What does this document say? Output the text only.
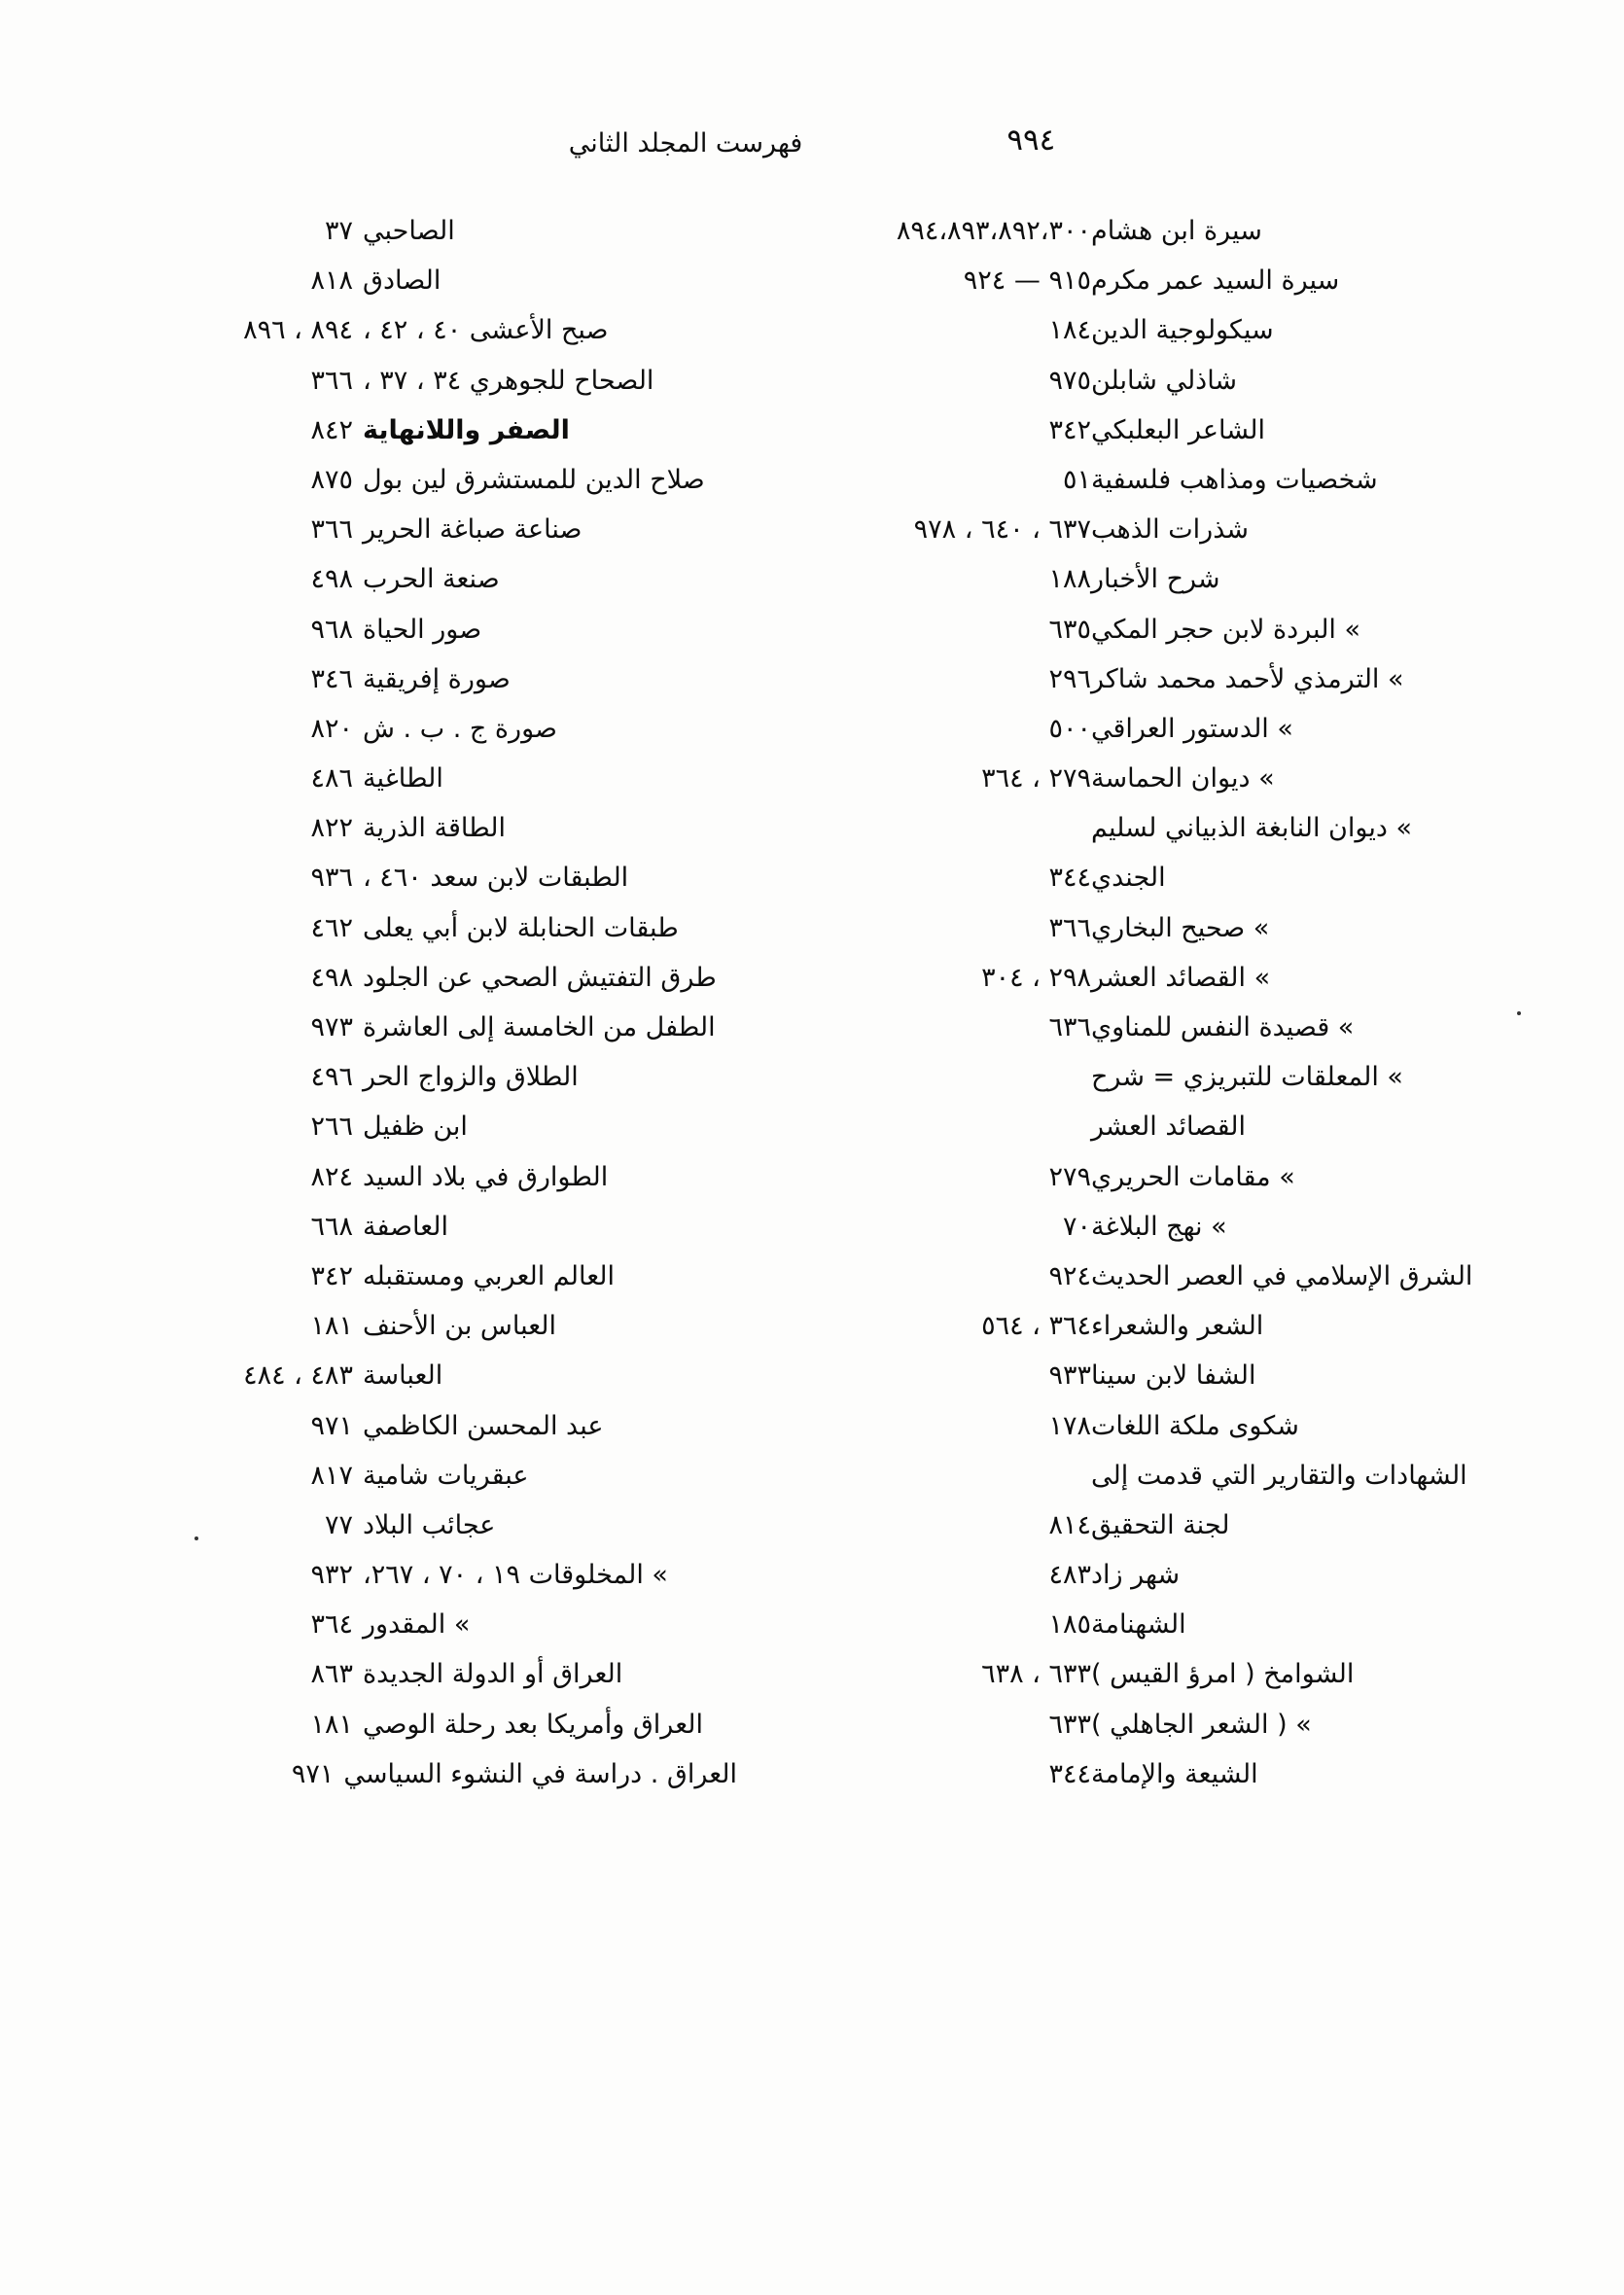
٩٩٤
فهرست المجلد الثاني
سيرة ابن هشام
٨٩٤،٨٩٣،٨٩٢،٣٠٠
سيرة السيد عمر مكرم
٩١٥ — ٩٢٤
سيكولوجية الدين
١٨٤
شاذلي شابلن
٩٧٥
الشاعر البعلبكي
٣٤٢
شخصيات ومذاهب فلسفية
٥١
شذرات الذهب
٦٣٧ ، ٦٤٠ ، ٩٧٨
شرح الأخبار
١٨٨
» البردة لابن حجر المكي
٦٣٥
» الترمذي لأحمد محمد شاكر
٢٩٦
» الدستور العراقي
٥٠٠
» ديوان الحماسة
٢٧٩ ، ٣٦٤
» ديوان النابغة الذبياني لسليم
الجندي
٣٤٤
» صحيح البخاري
٣٦٦
» القصائد العشر
٢٩٨ ، ٣٠٤
» قصيدة النفس للمناوي
٦٣٦
» المعلقات للتبريزي = شرح
القصائد العشر
» مقامات الحريري
٢٧٩
» نهج البلاغة
٧٠
الشرق الإسلامي في العصر الحديث
٩٢٤
الشعر والشعراء
٣٦٤ ، ٥٦٤
الشفا لابن سينا
٩٣٣
شكوى ملكة اللغات
١٧٨
الشهادات والتقارير التي قدمت إلى
لجنة التحقيق
٨١٤
شهر زاد
٤٨٣
الشهنامة
١٨٥
الشوامخ ( امرؤ القيس )
٦٣٣ ، ٦٣٨
» ( الشعر الجاهلي )
٦٣٣
الشيعة والإمامة
٣٤٤
الصاحبي
٣٧
الصادق
٨١٨
صبح الأعشى ٤٠ ، ٤٢ ،
٨٩٤ ، ٨٩٦
الصحاح للجوهري ٣٤ ، ٣٧ ،
٣٦٦
الصفر واللانهاية
٨٤٢
صلاح الدين للمستشرق لين بول
٨٧٥
صناعة صباغة الحرير
٣٦٦
صنعة الحرب
٤٩٨
صور الحياة
٩٦٨
صورة إفريقية
٣٤٦
صورة ج . ب . ش
٨٢٠
الطاغية
٤٨٦
الطاقة الذرية
٨٢٢
الطبقات لابن سعد ٤٦٠ ،
٩٣٦
طبقات الحنابلة لابن أبي يعلى
٤٦٢
طرق التفتيش الصحي عن الجلود
٤٩٨
الطفل من الخامسة إلى العاشرة
٩٧٣
الطلاق والزواج الحر
٤٩٦
ابن ظفيل
٢٦٦
الطوارق في بلاد السيد
٨٢٤
العاصفة
٦٦٨
العالم العربي ومستقبله
٣٤٢
العباس بن الأحنف
١٨١
العباسة
٤٨٣ ، ٤٨٤
عبد المحسن الكاظمي
٩٧١
عبقريات شامية
٨١٧
عجائب البلاد
٧٧
» المخلوقات ١٩ ، ٧٠ ، ٢٦٧،
٩٣٢
» المقدور
٣٦٤
العراق أو الدولة الجديدة
٨٦٣
العراق وأمريكا بعد رحلة الوصي
١٨١
العراق . دراسة في النشوء السياسي
٩٧١
